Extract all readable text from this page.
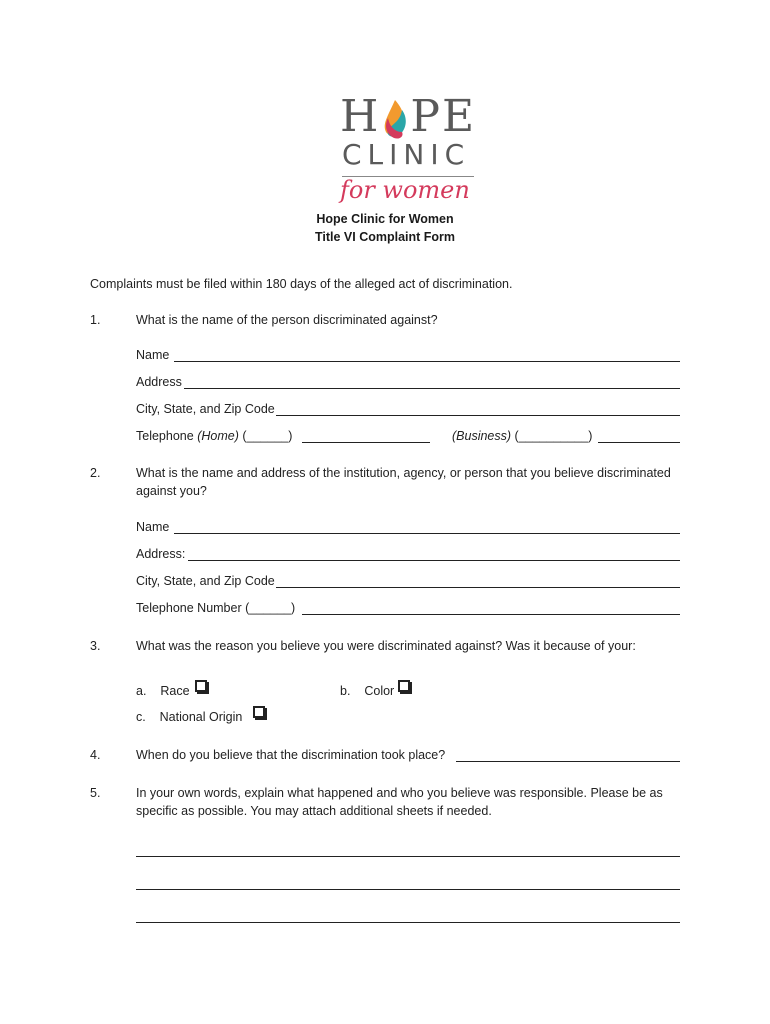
H PE
CLINIC
for women
Hope Clinic for Women
Title VI Complaint Form
Complaints must be filed within 180 days of the alleged act of discrimination.
1.	What is the name of the person discriminated against?
Name
Address
City, State, and Zip Code
Telephone (Home) (______)	(Business) (__________)
2.	What is the name and address of the institution, agency, or person that you believe discriminated
against you?
Name
Address:
City, State, and Zip Code
Telephone Number (______)
3.	What was the reason you believe you were discriminated against? Was it because of your:
a. Race	b. Color
c. National Origin
4.	When do you believe that the discrimination took place?
5.	In your own words, explain what happened and who you believe was responsible. Please be as
specific as possible. You may attach additional sheets if needed.
